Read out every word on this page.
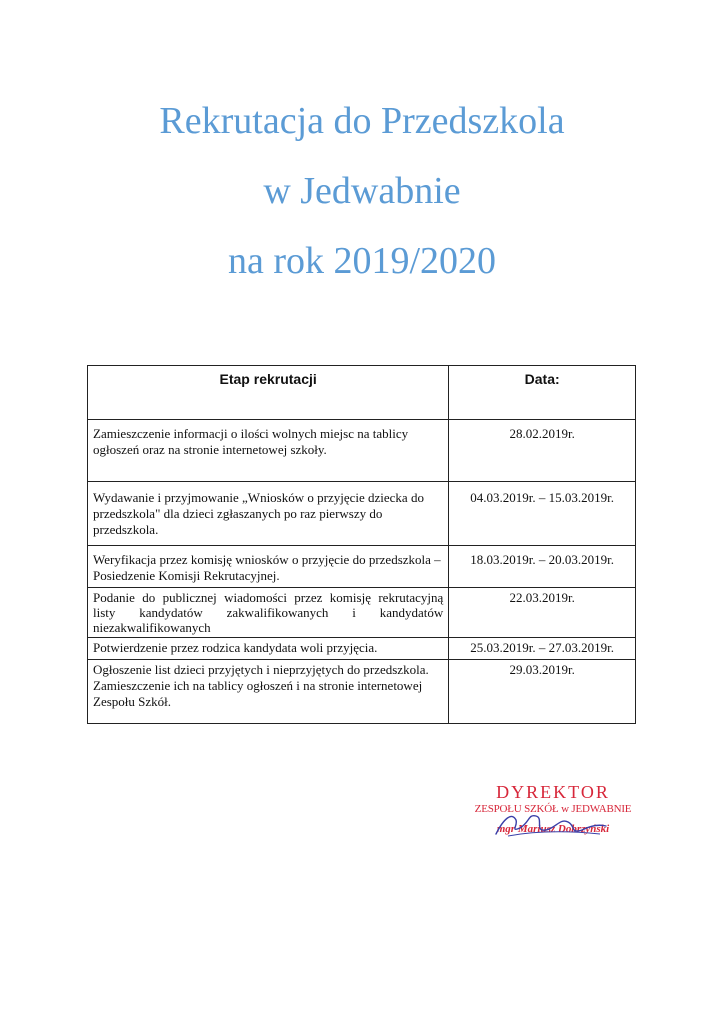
Rekrutacja do Przedszkola
w Jedwabnie
na rok 2019/2020
Etap rekrutacji	Data:
Zamieszczenie informacji o ilości wolnych miejsc na tablicy ogłoszeń oraz na stronie internetowej szkoły.	28.02.2019r.
Wydawanie i przyjmowanie „Wniosków o przyjęcie dziecka do przedszkola" dla dzieci zgłaszanych po raz pierwszy do przedszkola.	04.03.2019r. – 15.03.2019r.
Weryfikacja przez komisję wniosków o przyjęcie do przedszkola – Posiedzenie Komisji Rekrutacyjnej.	18.03.2019r. – 20.03.2019r.
Podanie do publicznej wiadomości przez komisję rekrutacyjną listy kandydatów zakwalifikowanych i kandydatów niezakwalifikowanych	22.03.2019r.
Potwierdzenie przez rodzica kandydata woli przyjęcia.	25.03.2019r. – 27.03.2019r.
Ogłoszenie list dzieci przyjętych i nieprzyjętych do przedszkola. Zamieszczenie ich na tablicy ogłoszeń i na stronie internetowej Zespołu Szkół.	29.03.2019r.
DYREKTOR
ZESPOŁU SZKÓŁ w JEDWABNIE
mgr Mariusz Dobrzyński
